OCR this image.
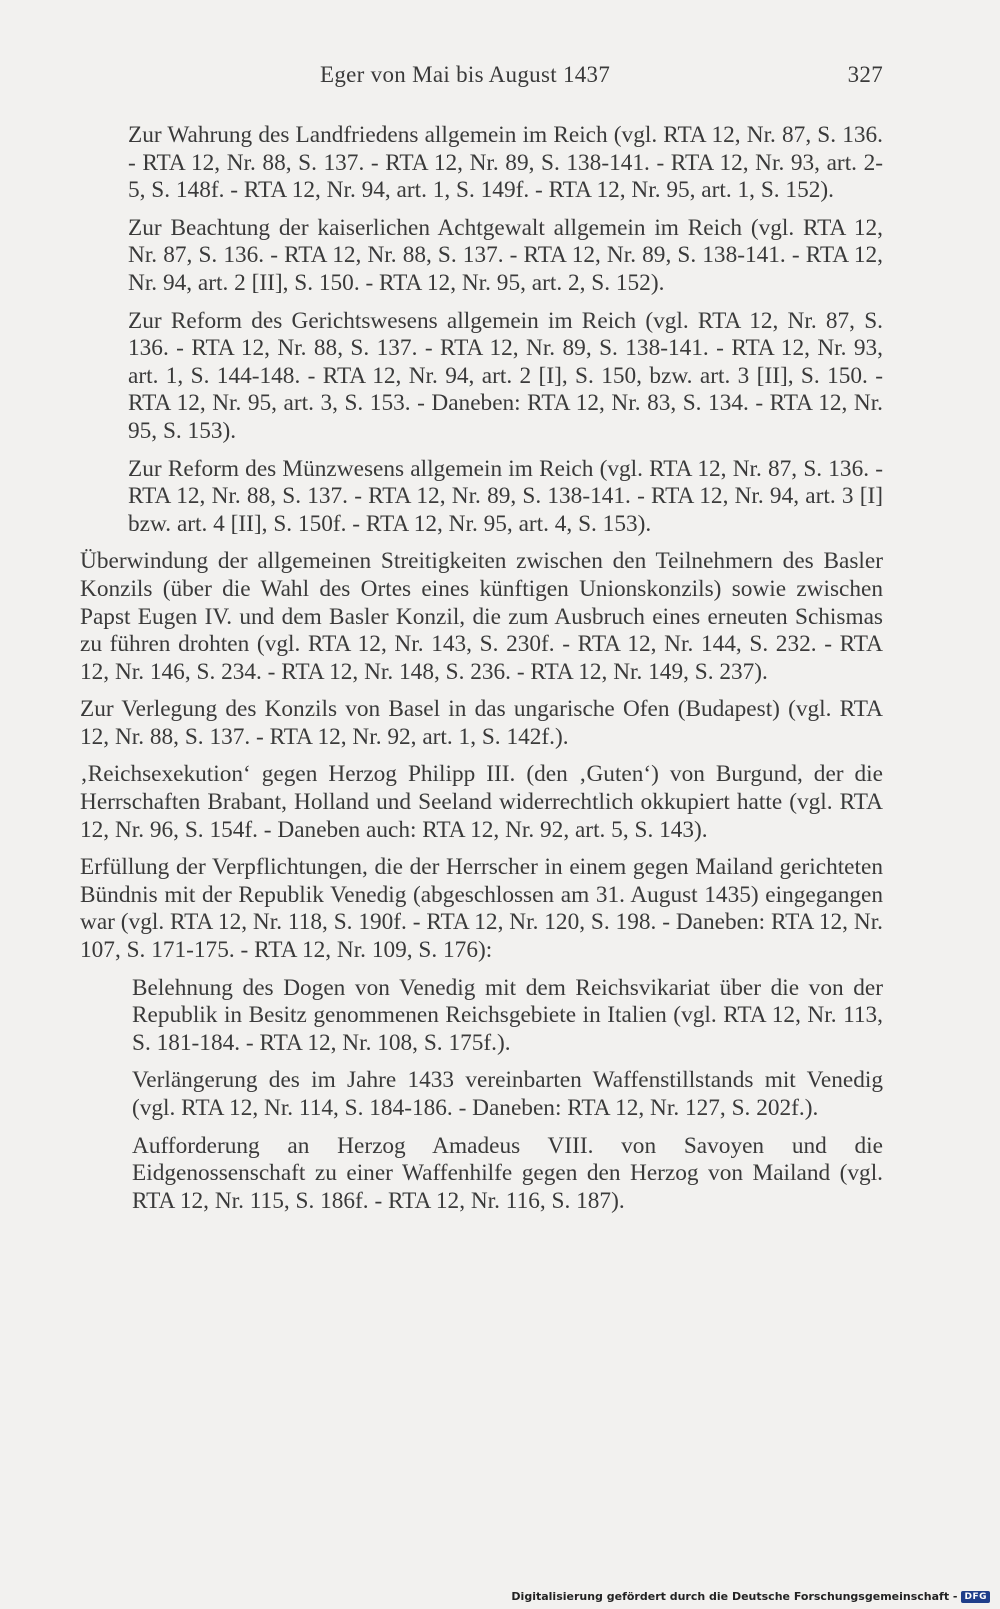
Eger von Mai bis August 1437	327

Zur Wahrung des Landfriedens allgemein im Reich (vgl. RTA 12, Nr. 87, S. 136. - RTA 12, Nr. 88, S. 137. - RTA 12, Nr. 89, S. 138-141. - RTA 12, Nr. 93, art. 2-5, S. 148f. - RTA 12, Nr. 94, art. 1, S. 149f. - RTA 12, Nr. 95, art. 1, S. 152).

Zur Beachtung der kaiserlichen Achtgewalt allgemein im Reich (vgl. RTA 12, Nr. 87, S. 136. - RTA 12, Nr. 88, S. 137. - RTA 12, Nr. 89, S. 138-141. - RTA 12, Nr. 94, art. 2 [II], S. 150. - RTA 12, Nr. 95, art. 2, S. 152).

Zur Reform des Gerichtswesens allgemein im Reich (vgl. RTA 12, Nr. 87, S. 136. - RTA 12, Nr. 88, S. 137. - RTA 12, Nr. 89, S. 138-141. - RTA 12, Nr. 93, art. 1, S. 144-148. - RTA 12, Nr. 94, art. 2 [I], S. 150, bzw. art. 3 [II], S. 150. - RTA 12, Nr. 95, art. 3, S. 153. - Daneben: RTA 12, Nr. 83, S. 134. - RTA 12, Nr. 95, S. 153).

Zur Reform des Münzwesens allgemein im Reich (vgl. RTA 12, Nr. 87, S. 136. - RTA 12, Nr. 88, S. 137. - RTA 12, Nr. 89, S. 138-141. - RTA 12, Nr. 94, art. 3 [I] bzw. art. 4 [II], S. 150f. - RTA 12, Nr. 95, art. 4, S. 153).

Überwindung der allgemeinen Streitigkeiten zwischen den Teilnehmern des Basler Konzils (über die Wahl des Ortes eines künftigen Unionskonzils) sowie zwischen Papst Eugen IV. und dem Basler Konzil, die zum Ausbruch eines erneuten Schismas zu führen drohten (vgl. RTA 12, Nr. 143, S. 230f. - RTA 12, Nr. 144, S. 232. - RTA 12, Nr. 146, S. 234. - RTA 12, Nr. 148, S. 236. - RTA 12, Nr. 149, S. 237).

Zur Verlegung des Konzils von Basel in das ungarische Ofen (Budapest) (vgl. RTA 12, Nr. 88, S. 137. - RTA 12, Nr. 92, art. 1, S. 142f.).

‚Reichsexekution‘ gegen Herzog Philipp III. (den ‚Guten‘) von Burgund, der die Herrschaften Brabant, Holland und Seeland widerrechtlich okkupiert hatte (vgl. RTA 12, Nr. 96, S. 154f. - Daneben auch: RTA 12, Nr. 92, art. 5, S. 143).

Erfüllung der Verpflichtungen, die der Herrscher in einem gegen Mailand gerichteten Bündnis mit der Republik Venedig (abgeschlossen am 31. August 1435) eingegangen war (vgl. RTA 12, Nr. 118, S. 190f. - RTA 12, Nr. 120, S. 198. - Daneben: RTA 12, Nr. 107, S. 171-175. - RTA 12, Nr. 109, S. 176):

Belehnung des Dogen von Venedig mit dem Reichsvikariat über die von der Republik in Besitz genommenen Reichsgebiete in Italien (vgl. RTA 12, Nr. 113, S. 181-184. - RTA 12, Nr. 108, S. 175f.).

Verlängerung des im Jahre 1433 vereinbarten Waffenstillstands mit Venedig (vgl. RTA 12, Nr. 114, S. 184-186. - Daneben: RTA 12, Nr. 127, S. 202f.).

Aufforderung an Herzog Amadeus VIII. von Savoyen und die Eidgenossenschaft zu einer Waffenhilfe gegen den Herzog von Mailand (vgl. RTA 12, Nr. 115, S. 186f. - RTA 12, Nr. 116, S. 187).

Digitalisierung gefördert durch die Deutsche Forschungsgemeinschaft - DFG
